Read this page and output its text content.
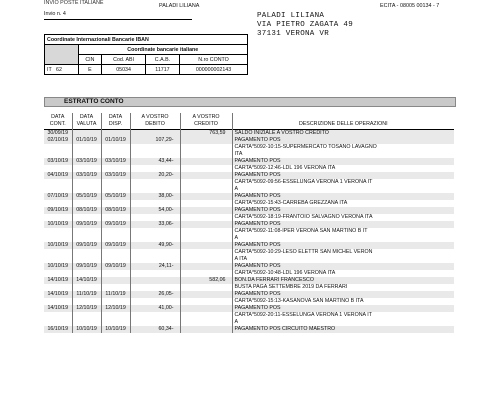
INVIO POSTE ITALIANE	PALADI LILIANA	ECITA - 08005 00134 - 7
Invio n. 4	PALADI LILIANA
VIA PIETRO ZAGATA 49
37131 VERONA VR
Coordinate Internazionali Bancarie IBAN				
	Coordinate bancarie italiane			
	CIN	Cod. ABI	C.A.B.	N.ro CONTO
IT   62	E	05034	11717	000000002143
ESTRATTO CONTO
DATA CONT.	DATA VALUTA	DATA DISP.	A VOSTRO DEBITO	A VOSTRO CREDITO	DESCRIZIONE DELLE OPERAZIONI
30/09/19				763,59	SALDO INIZIALE A VOSTRO CREDITO
02/10/19	01/10/19	01/10/19	107,29-		PAGAMENTO POS
					CARTA*5092-10:15-SUPERMERCATO TOSANO LAVAGNO
					ITA
03/10/19	03/10/19	03/10/19	43,44-		PAGAMENTO POS
					CARTA*5092-12:46-LDL 196 VERONA ITA
04/10/19	03/10/19	03/10/19	20,20-		PAGAMENTO POS
					CARTA*5092-09:56-ESSELUNGA VERONA 1 VERONA IT
					A
07/10/19	05/10/19	05/10/19	38,00-		PAGAMENTO POS
					CARTA*5092-15:43-CARREBA GREZZANA ITA
09/10/19	08/10/19	08/10/19	54,00-		PAGAMENTO POS
					CARTA*5092-18:19-FRANTOIO SALVAGNO VERONA ITA
10/10/19	09/10/19	09/10/19	33,06-		PAGAMENTO POS
					CARTA*5092-11:08-IPER VERONA SAN MARTINO B IT
					A
10/10/19	09/10/19	09/10/19	49,90-		PAGAMENTO POS
					CARTA*5092-10:29-LESO ELETTR SAN MICHEL VERON
					A ITA
10/10/19	09/10/19	09/10/19	24,11-		PAGAMENTO POS
					CARTA*5092-10:48-LDL 196 VERONA ITA
14/10/19	14/10/19			582,06	BON.DA FERRARI FRANCESCO
					BUSTA PAGA SETTEMBRE 2019 DA FERRARI
14/10/19	11/10/19	11/10/19	26,05-		PAGAMENTO POS
					CARTA*5092-15:13-KASANOVA SAN MARTINO B ITA
14/10/19	12/10/19	12/10/19	41,00-		PAGAMENTO POS
					CARTA*5092-20:11-ESSELUNGA VERONA 1 VERONA IT
					A
16/10/19	10/10/19	10/10/19	60,34-		PAGAMENTO POS CIRCUITO MAESTRO
